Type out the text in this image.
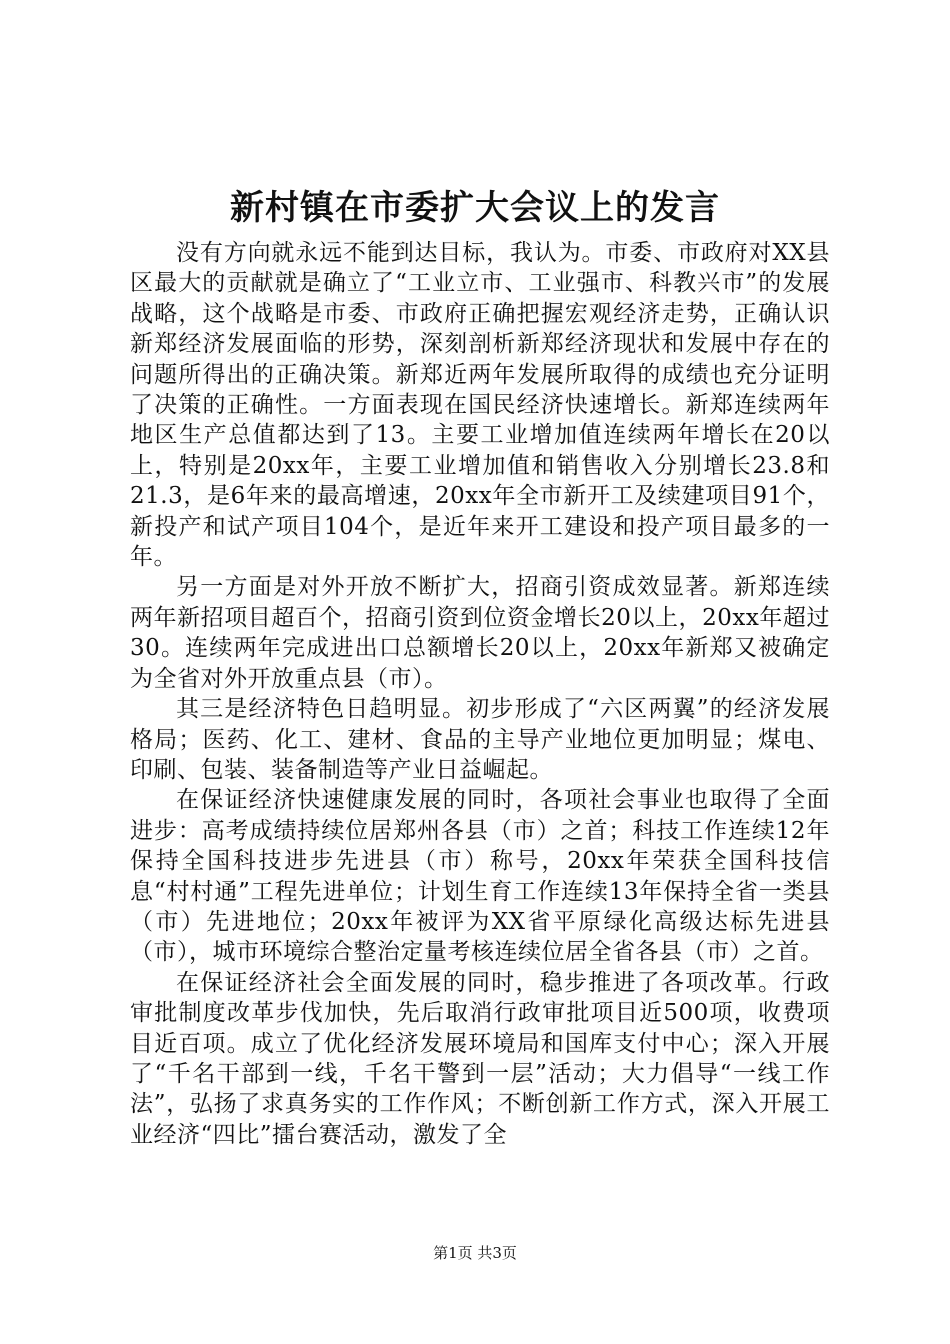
新村镇在市委扩大会议上的发言

没有方向就永远不能到达目标，我认为。市委、市政府对XX县区最大的贡献就是确立了“工业立市、工业强市、科教兴市”的发展战略，这个战略是市委、市政府正确把握宏观经济走势，正确认识新郑经济发展面临的形势，深刻剖析新郑经济现状和发展中存在的问题所得出的正确决策。新郑近两年发展所取得的成绩也充分证明了决策的正确性。一方面表现在国民经济快速增长。新郑连续两年地区生产总值都达到了13。主要工业增加值连续两年增长在20以上，特别是20xx年，主要工业增加值和销售收入分别增长23.8和21.3，是6年来的最高增速，20xx年全市新开工及续建项目91个，新投产和试产项目104个，是近年来开工建设和投产项目最多的一年。

另一方面是对外开放不断扩大，招商引资成效显著。新郑连续两年新招项目超百个，招商引资到位资金增长20以上，20xx年超过30。连续两年完成进出口总额增长20以上，20xx年新郑又被确定为全省对外开放重点县（市）。

其三是经济特色日趋明显。初步形成了“六区两翼”的经济发展格局；医药、化工、建材、食品的主导产业地位更加明显；煤电、印刷、包装、装备制造等产业日益崛起。

在保证经济快速健康发展的同时，各项社会事业也取得了全面进步：高考成绩持续位居郑州各县（市）之首；科技工作连续12年保持全国科技进步先进县（市）称号，20xx年荣获全国科技信息“村村通”工程先进单位；计划生育工作连续13年保持全省一类县（市）先进地位；20xx年被评为XX省平原绿化高级达标先进县（市），城市环境综合整治定量考核连续位居全省各县（市）之首。

在保证经济社会全面发展的同时，稳步推进了各项改革。行政审批制度改革步伐加快，先后取消行政审批项目近500项，收费项目近百项。成立了优化经济发展环境局和国库支付中心；深入开展了“千名干部到一线，千名干警到一层”活动；大力倡导“一线工作法”，弘扬了求真务实的工作作风；不断创新工作方式，深入开展工业经济“四比”擂台赛活动，激发了全

第1页 共3页
